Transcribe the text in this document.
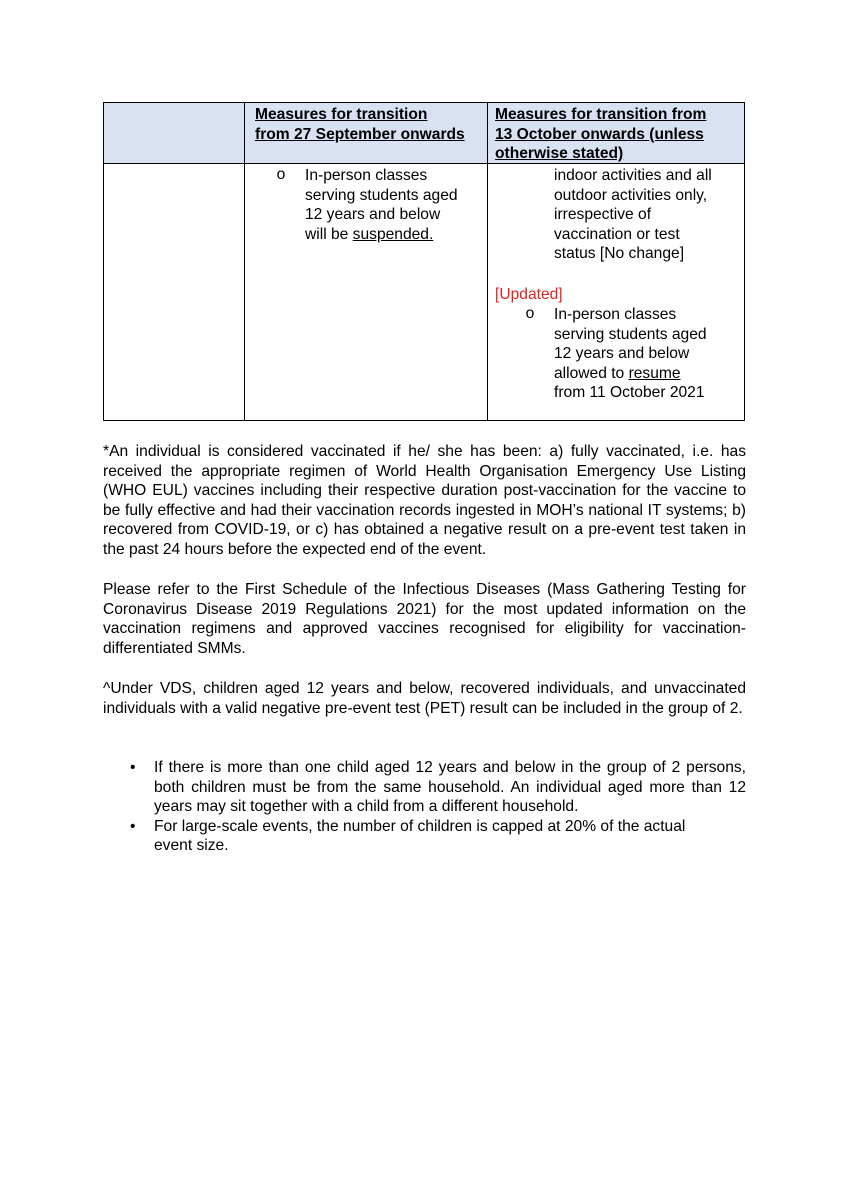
Measures for transition
from 27 September onwards
Measures for transition from
13 October onwards (unless
otherwise stated)
o In-person classes
serving students aged
12 years and below
will be suspended.
indoor activities and all
outdoor activities only,
irrespective of
vaccination or test
status [No change]
[Updated]
o In-person classes
serving students aged
12 years and below
allowed to resume
from 11 October 2021
*An individual is considered vaccinated if he/ she has been: a) fully vaccinated, i.e. has received the appropriate regimen of World Health Organisation Emergency Use Listing (WHO EUL) vaccines including their respective duration post-vaccination for the vaccine to be fully effective and had their vaccination records ingested in MOH’s national IT systems; b) recovered from COVID-19, or c) has obtained a negative result on a pre-event test taken in the past 24 hours before the expected end of the event.
Please refer to the First Schedule of the Infectious Diseases (Mass Gathering Testing for Coronavirus Disease 2019 Regulations 2021) for the most updated information on the vaccination regimens and approved vaccines recognised for eligibility for vaccination-differentiated SMMs.
^Under VDS, children aged 12 years and below, recovered individuals, and unvaccinated individuals with a valid negative pre-event test (PET) result can be included in the group of 2.
• If there is more than one child aged 12 years and below in the group of 2 persons, both children must be from the same household. An individual aged more than 12 years may sit together with a child from a different household.
• For large-scale events, the number of children is capped at 20% of the actual event size.
